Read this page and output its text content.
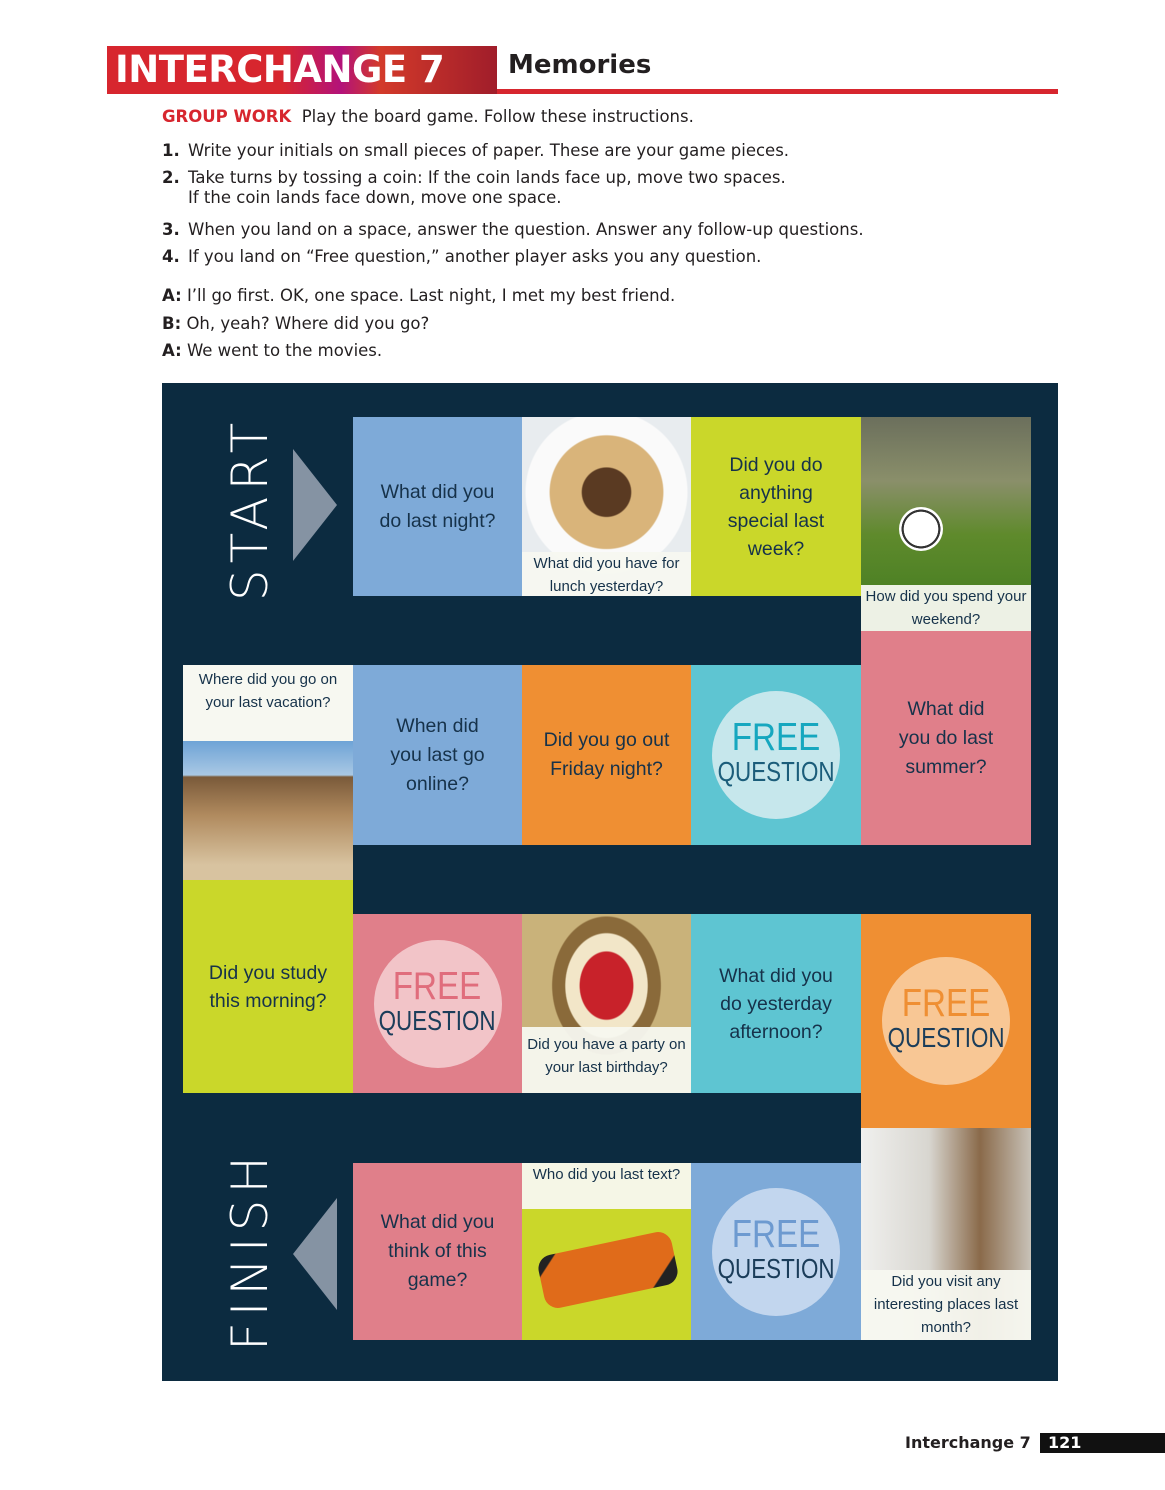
INTERCHANGE 7	Memories
GROUP WORK Play the board game. Follow these instructions.
1. Write your initials on small pieces of paper. These are your game pieces.
2. Take turns by tossing a coin: If the coin lands face up, move two spaces.
If the coin lands face down, move one space.
3. When you land on a space, answer the question. Answer any follow-up questions.
4. If you land on “Free question,” another player asks you any question.
A: I’ll go first. OK, one space. Last night, I met my best friend.
B: Oh, yeah? Where did you go?
A: We went to the movies.
START	What did you do last night?
What did you have for lunch yesterday?
Did you do anything special last week?
How did you spend your weekend?
What did you do last summer?
FREE
QUESTION
Did you go out Friday night?
When did you last go online?
Where did you go on your last vacation?
Did you study this morning? FREE
QUESTION
Did you have a party on your last birthday?
What did you do yesterday afternoon?
FREE
QUESTION
Did you visit any interesting places last month?
FREE
QUESTION
Who did you last text?
What did you think of this game?
FINISH
Interchange 7	121
